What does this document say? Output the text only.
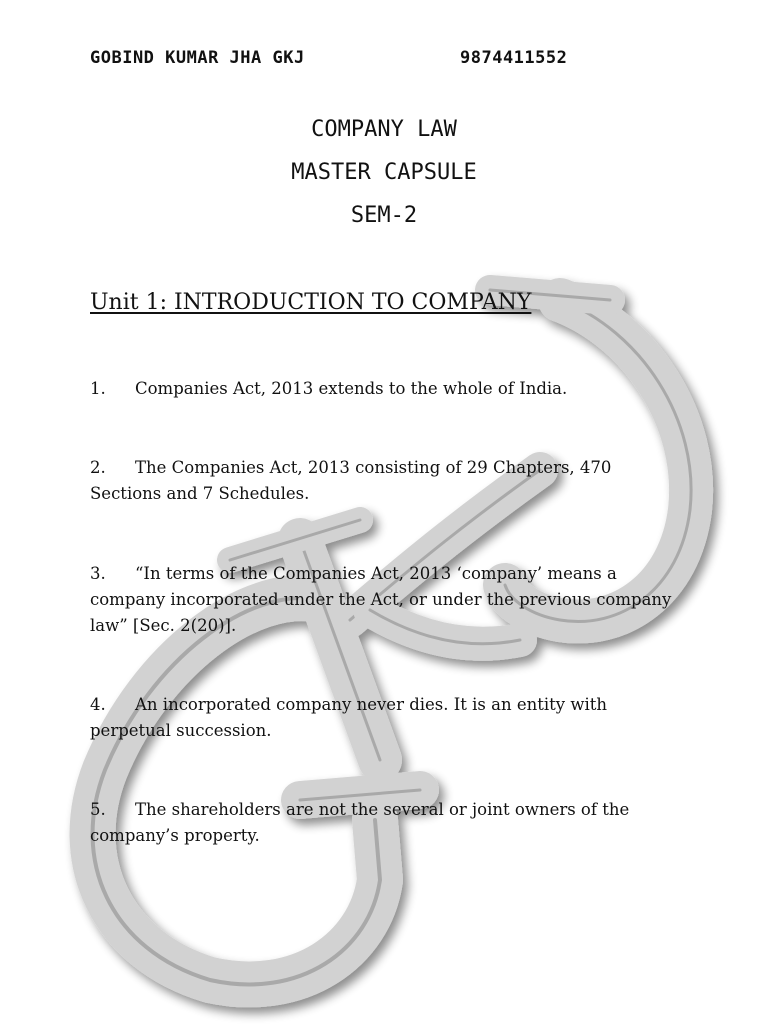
GOBIND KUMAR JHA GKJ	9874411552
COMPANY LAW
MASTER CAPSULE
SEM-2
Unit 1: INTRODUCTION TO COMPANY
1. Companies Act, 2013 extends to the whole of India.
2. The Companies Act, 2013 consisting of 29 Chapters, 470 Sections and 7 Schedules.
3. “In terms of the Companies Act, 2013 ‘company’ means a company incorporated under the Act, or under the previous company law” [Sec. 2(20)].
4. An incorporated company never dies. It is an entity with perpetual succession.
5. The shareholders are not the several or joint owners of the company’s property.
